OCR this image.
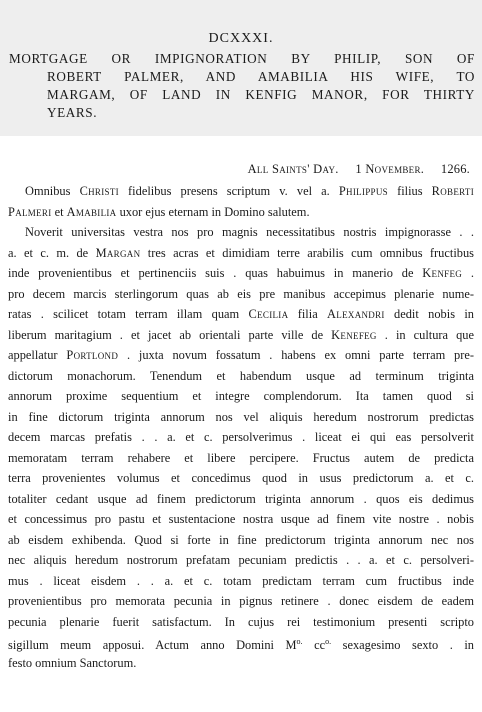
DCXXXI.
MORTGAGE OR IMPIGNORATION BY PHILIP, SON OF
ROBERT PALMER, AND AMABILIA HIS WIFE, TO
MARGAM, OF LAND IN KENFIG MANOR, FOR THIRTY
YEARS.
All Saints' Day. 1 November. 1266.
Omnibus Christi fidelibus presens scriptum v. vel a. Philippus filius Roberti
Palmeri et Amabilia uxor ejus eternam in Domino salutem.
Noverit universitas vestra nos pro magnis necessitatibus nostris impignorasse . .
a. et c. m. de Margan tres acras et dimidiam terre arabilis cum omnibus fructibus
inde provenientibus et pertinenciis suis . quas habuimus in manerio de Kenfeg .
pro decem marcis sterlingorum quas ab eis pre manibus accepimus plenarie nume-
ratas . scilicet totam terram illam quam Cecilia filia Alexandri dedit nobis in
liberum maritagium . et jacet ab orientali parte ville de Kenefeg . in cultura que
appellatur Portlond . juxta novum fossatum . habens ex omni parte terram pre-
dictorum monachorum. Tenendum et habendum usque ad terminum triginta
annorum proxime sequentium et integre complendorum. Ita tamen quod si
in fine dictorum triginta annorum nos vel aliquis heredum nostrorum predictas
decem marcas prefatis . . a. et c. persolverimus . liceat ei qui eas persolverit
memoratam terram rehabere et libere percipere. Fructus autem de predicta
terra provenientes volumus et concedimus quod in usus predictorum a. et c.
totaliter cedant usque ad finem predictorum triginta annorum . quos eis dedimus
et concessimus pro pastu et sustentacione nostra usque ad finem vite nostre . nobis
ab eisdem exhibenda. Quod si forte in fine predictorum triginta annorum nec nos
nec aliquis heredum nostrorum prefatam pecuniam predictis . . a. et c. persolveri-
mus . liceat eisdem . . a. et c. totam predictam terram cum fructibus inde
provenientibus pro memorata pecunia in pignus retinere . donec eisdem de eadem
pecunia plenarie fuerit satisfactum. In cujus rei testimonium presenti scripto
sigillum meum apposui. Actum anno Domini $M^{o.}$ $cc^{o.}$ sexagesimo sexto . in
festo omnium Sanctorum.
